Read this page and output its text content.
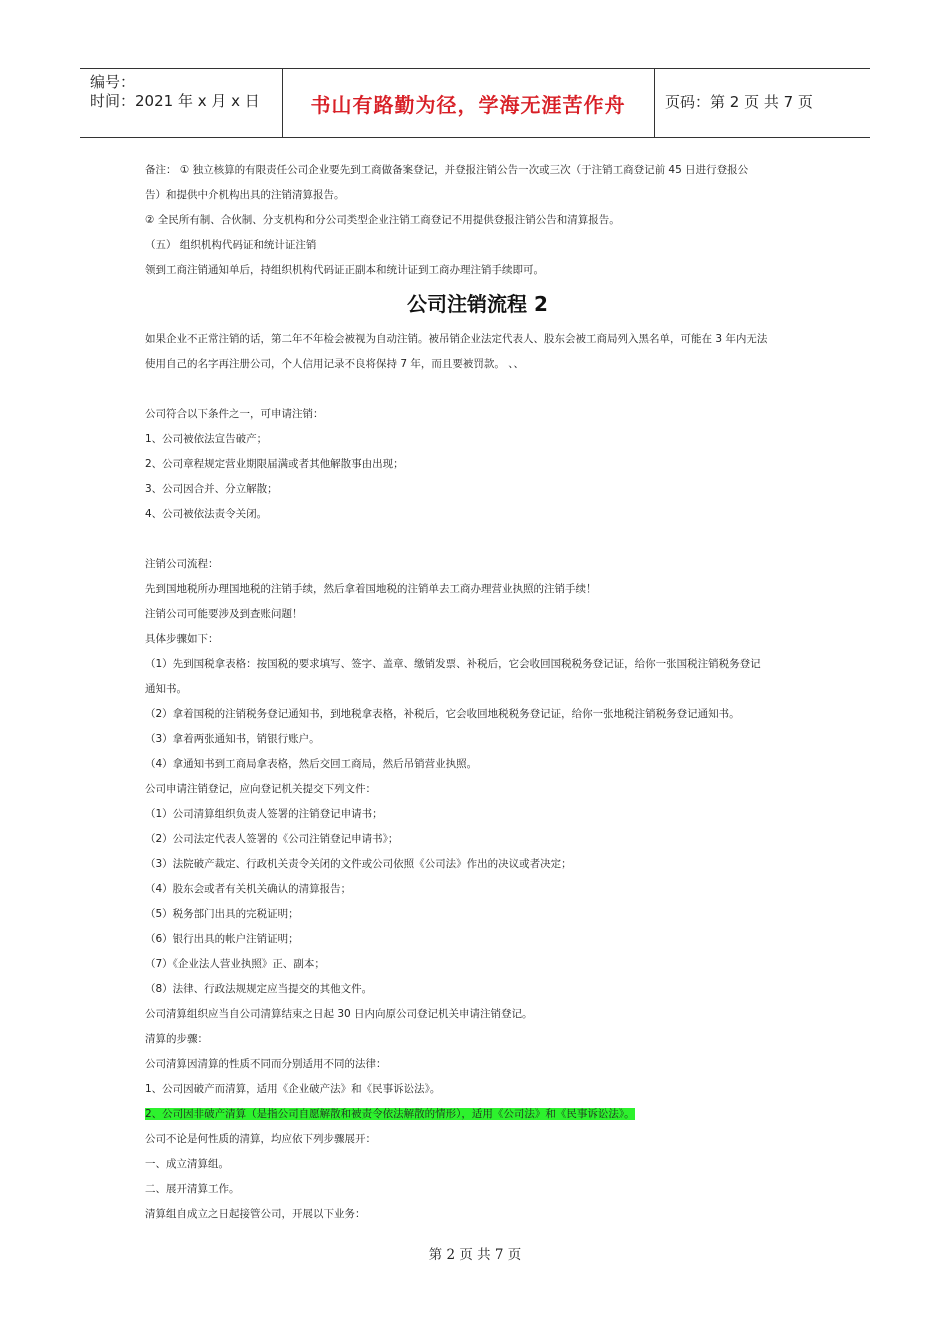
编号：
时间：2021 年 x 月 x 日	书山有路勤为径，学海无涯苦作舟	页码：第 2 页 共 7 页

备注： ① 独立核算的有限责任公司企业要先到工商做备案登记，并登报注销公告一次或三次（于注销工商登记前 45 日进行登报公

告）和提供中介机构出具的注销清算报告。

② 全民所有制、合伙制、分支机构和分公司类型企业注销工商登记不用提供登报注销公告和清算报告。

（五） 组织机构代码证和统计证注销

领到工商注销通知单后，持组织机构代码证正副本和统计证到工商办理注销手续即可。

公司注销流程 2

如果企业不正常注销的话，第二年不年检会被视为自动注销。被吊销企业法定代表人、股东会被工商局列入黑名单，可能在 3 年内无法

使用自己的名字再注册公司，个人信用记录不良将保持 7 年，而且要被罚款。 、、

公司符合以下条件之一，可申请注销：

1、公司被依法宣告破产；

2、公司章程规定营业期限届满或者其他解散事由出现；

3、公司因合并、分立解散；

4、公司被依法责令关闭。

注销公司流程：

先到国地税所办理国地税的注销手续，然后拿着国地税的注销单去工商办理营业执照的注销手续！

注销公司可能要涉及到查账问题！

具体步骤如下：

（1）先到国税拿表格：按国税的要求填写、签字、盖章、缴销发票、补税后，它会收回国税税务登记证，给你一张国税注销税务登记

通知书。

（2）拿着国税的注销税务登记通知书，到地税拿表格，补税后，它会收回地税税务登记证，给你一张地税注销税务登记通知书。

（3）拿着两张通知书，销银行账户。

（4）拿通知书到工商局拿表格，然后交回工商局，然后吊销营业执照。

公司申请注销登记，应向登记机关提交下列文件：

（1）公司清算组织负责人签署的注销登记申请书；

（2）公司法定代表人签署的《公司注销登记申请书》；

（3）法院破产裁定、行政机关责令关闭的文件或公司依照《公司法》作出的决议或者决定；

（4）股东会或者有关机关确认的清算报告；

（5）税务部门出具的完税证明；

（6）银行出具的帐户注销证明；

（7）《企业法人营业执照》正、副本；

（8）法律、行政法规规定应当提交的其他文件。

公司清算组织应当自公司清算结束之日起 30 日内向原公司登记机关申请注销登记。

清算的步骤：

公司清算因清算的性质不同而分别适用不同的法律：

1、公司因破产而清算，适用《企业破产法》和《民事诉讼法》。

2、公司因非破产清算（是指公司自愿解散和被责令依法解散的情形），适用《公司法》和《民事诉讼法》。

公司不论是何性质的清算，均应依下列步骤展开：

一、成立清算组。

二、展开清算工作。

清算组自成立之日起接管公司，开展以下业务：

第 2 页 共 7 页
